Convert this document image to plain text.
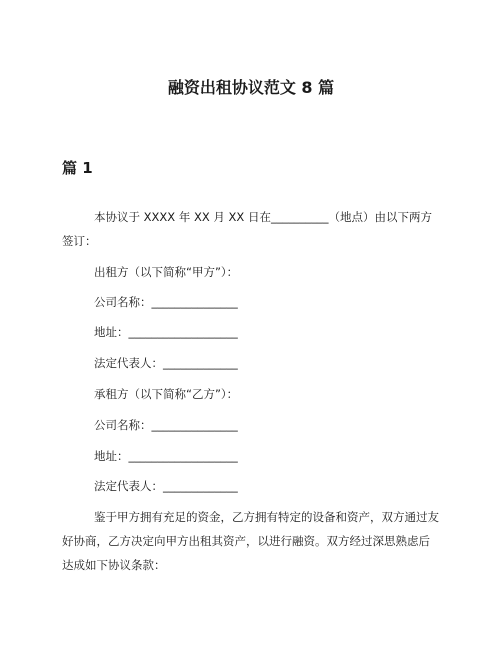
融资出租协议范文 8 篇
篇 1

本协议于 XXXX 年 XX 月 XX 日在__________（地点）由以下两方签订：

出租方（以下简称“甲方”）：

公司名称：_______________

地址：___________________

法定代表人：_____________

承租方（以下简称“乙方”）：

公司名称：_______________

地址：___________________

法定代表人：_____________

鉴于甲方拥有充足的资金，乙方拥有特定的设备和资产，双方通过友好协商，乙方决定向甲方出租其资产，以进行融资。双方经过深思熟虑后达成如下协议条款：
